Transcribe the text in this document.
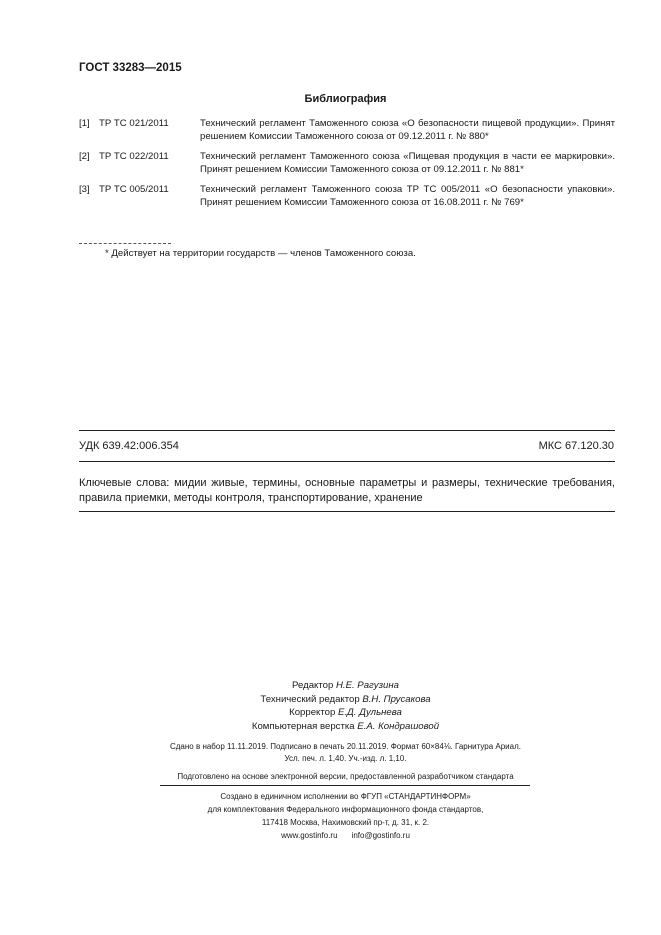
ГОСТ 33283—2015
Библиография
[1] ТР ТС 021/2011	Технический регламент Таможенного союза «О безопасности пищевой продукции». Принят решением Комиссии Таможенного союза от 09.12.2011 г. № 880*
[2] ТР ТС 022/2011	Технический регламент Таможенного союза «Пищевая продукция в части ее маркировки». Принят решением Комиссии Таможенного союза от 09.12.2011 г. № 881*
[3] ТР ТС 005/2011	Технический регламент Таможенного союза ТР ТС 005/2011 «О безопасности упаковки». Принят решением Комиссии Таможенного союза от 16.08.2011 г. № 769*
* Действует на территории государств — членов Таможенного союза.
УДК 639.42:006.354	МКС 67.120.30
Ключевые слова: мидии живые, термины, основные параметры и размеры, технические требования, правила приемки, методы контроля, транспортирование, хранение
Редактор Н.Е. Рагузина
Технический редактор В.Н. Прусакова
Корректор Е.Д. Дульнева
Компьютерная верстка Е.А. Кондрашовой
Сдано в набор 11.11.2019. Подписано в печать 20.11.2019. Формат 60×84⅛. Гарнитура Ариал.
Усл. печ. л. 1,40. Уч.-изд. л. 1,10.
Подготовлено на основе электронной версии, предоставленной разработчиком стандарта
Создано в единичном исполнении во ФГУП «СТАНДАРТИНФОРМ»
для комплектования Федерального информационного фонда стандартов,
117418 Москва, Нахимовский пр-т, д. 31, к. 2.
www.gostinfo.ru info@gostinfo.ru
